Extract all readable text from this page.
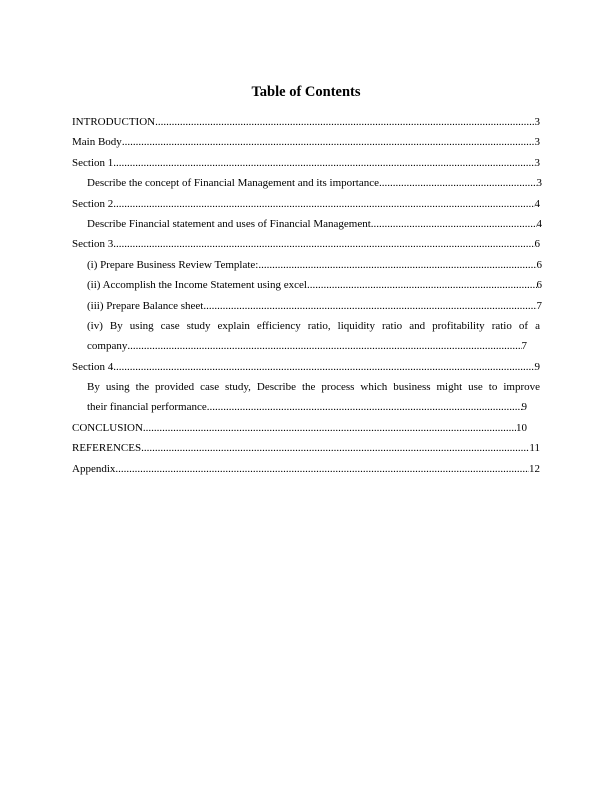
Table of Contents
INTRODUCTION .....	3
Main Body .....	3
Section 1 .....	3
Describe the concept of Financial Management and its importance .....	3
Section 2 .....	4
Describe Financial statement and uses of Financial Management .....	4
Section 3 .....	6
(i) Prepare Business Review Template: .....	6
(ii) Accomplish the Income Statement using excel .....	6
(iii) Prepare Balance sheet .....	7
(iv) By using case study explain efficiency ratio, liquidity ratio and profitability ratio of a
company .....	7
Section 4 .....	9
By using the provided case study, Describe the process which business might use to improve
their financial performance .....	9
CONCLUSION .....	10
REFERENCES .....	11
Appendix .....	12
